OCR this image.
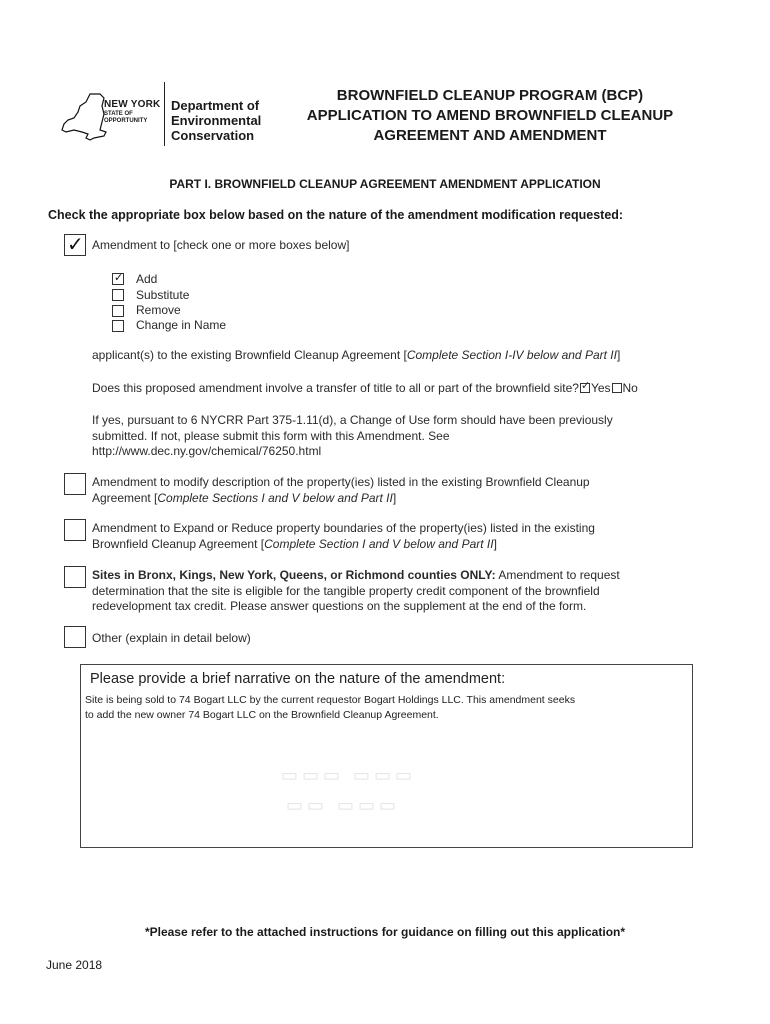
NEW YORK
STATE OF
OPPORTUNITY
Department of
Environmental
Conservation
BROWNFIELD CLEANUP PROGRAM (BCP)
APPLICATION TO AMEND BROWNFIELD CLEANUP
AGREEMENT AND AMENDMENT
PART I. BROWNFIELD CLEANUP AGREEMENT AMENDMENT APPLICATION
Check the appropriate box below based on the nature of the amendment modification requested:
✓ Amendment to [check one or more boxes below]
✓ Add
Substitute
Remove
Change in Name
applicant(s) to the existing Brownfield Cleanup Agreement [Complete Section I-IV below and Part II]
Does this proposed amendment involve a transfer of title to all or part of the brownfield site? ✓ Yes No
If yes, pursuant to 6 NYCRR Part 375-1.11(d), a Change of Use form should have been previously
submitted. If not, please submit this form with this Amendment. See
http://www.dec.ny.gov/chemical/76250.html
Amendment to modify description of the property(ies) listed in the existing Brownfield Cleanup
Agreement [Complete Sections I and V below and Part II]
Amendment to Expand or Reduce property boundaries of the property(ies) listed in the existing
Brownfield Cleanup Agreement [Complete Section I and V below and Part II]
Sites in Bronx, Kings, New York, Queens, or Richmond counties ONLY: Amendment to request
determination that the site is eligible for the tangible property credit component of the brownfield
redevelopment tax credit. Please answer questions on the supplement at the end of the form.
Other (explain in detail below)
Please provide a brief narrative on the nature of the amendment:
Site is being sold to 74 Bogart LLC by the current requestor Bogart Holdings LLC. This amendment seeks
to add the new owner 74 Bogart LLC on the Brownfield Cleanup Agreement.
▭▭▭ ▭▭▭
▭▭ ▭▭▭
*Please refer to the attached instructions for guidance on filling out this application*
June 2018
